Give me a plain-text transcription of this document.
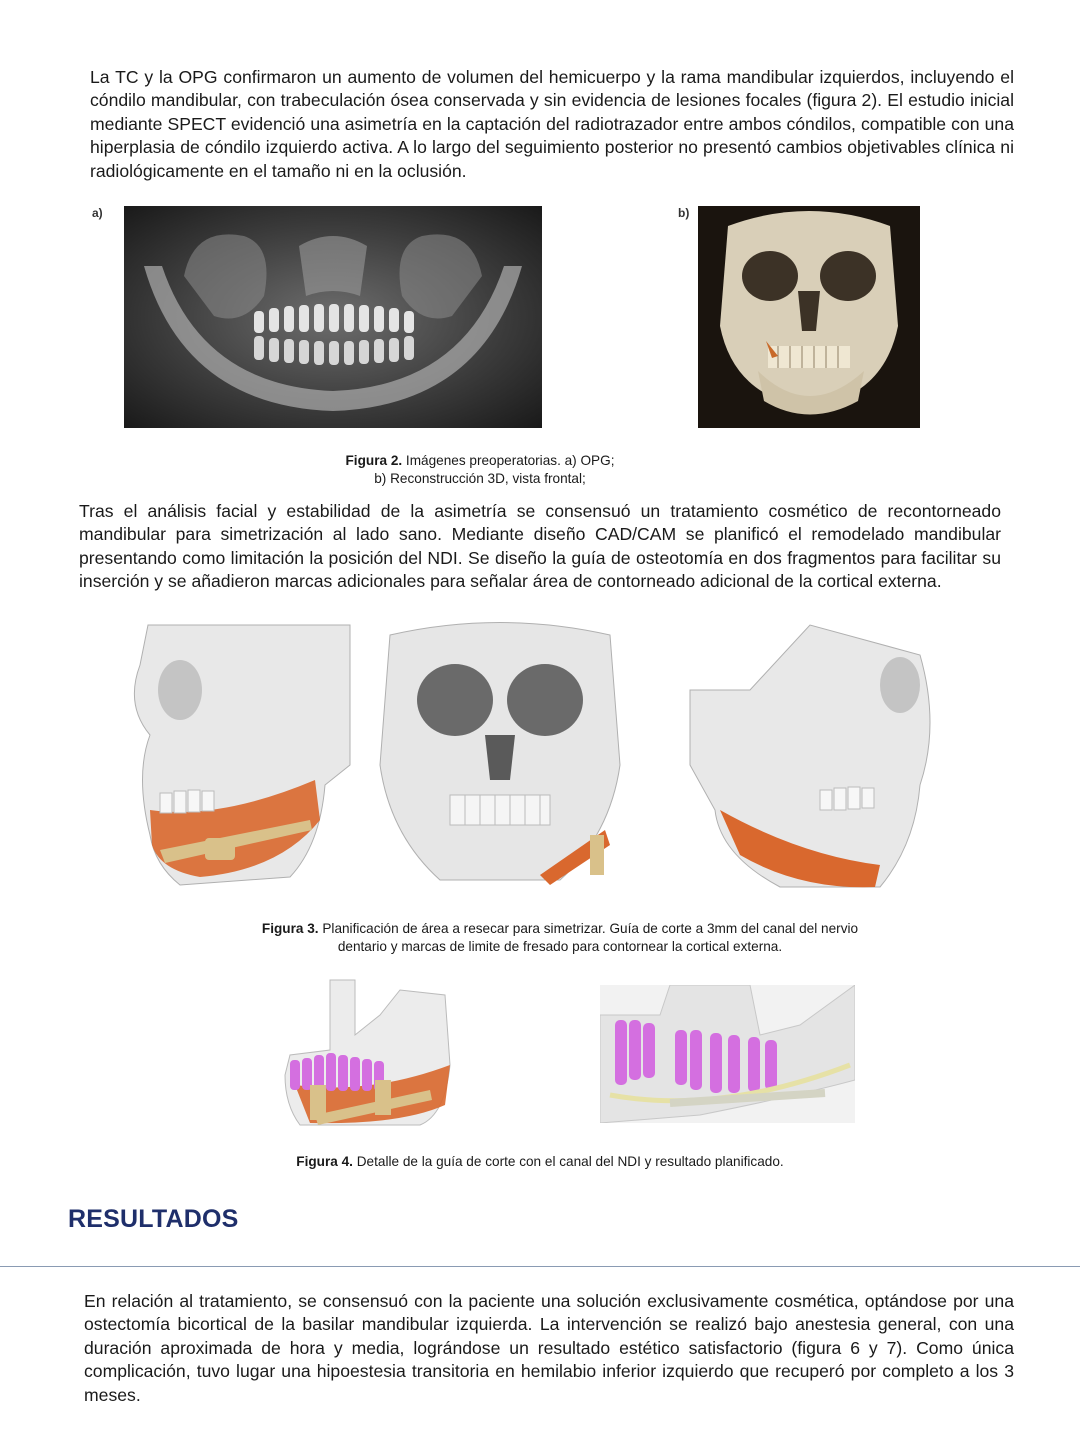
La TC y la OPG confirmaron un aumento de volumen del hemicuerpo y la rama mandibular izquierdos, incluyendo el cóndilo mandibular, con trabeculación ósea conservada y sin evidencia de lesiones focales (figura 2). El estudio inicial mediante SPECT evidenció una asimetría en la captación del radiotrazador entre ambos cóndilos, compatible con una hiperplasia de cóndilo izquierdo activa. A lo largo del seguimiento posterior no presentó cambios objetivables clínica ni radiológicamente en el tamaño ni en la oclusión.

a)	b)

Figura 2. Imágenes preoperatorias. a) OPG;
b) Reconstrucción 3D, vista frontal;

Tras el análisis facial y estabilidad de la asimetría se consensuó un tratamiento cosmético de recontorneado mandibular para simetrización al lado sano. Mediante diseño CAD/CAM se planificó el remodelado mandibular presentando como limitación la posición del NDI. Se diseño la guía de osteotomía en dos fragmentos para facilitar su inserción y se añadieron marcas adicionales para señalar área de contorneado adicional de la cortical externa.

Figura 3. Planificación de área a resecar para simetrizar. Guía de corte a 3mm del canal del nervio
dentario y marcas de limite de fresado para contornear la cortical externa.

Figura 4. Detalle de la guía de corte con el canal del NDI y resultado planificado.

RESULTADOS

En relación al tratamiento, se consensuó con la paciente una solución exclusivamente cosmética, optándose por una ostectomía bicortical de la basilar mandibular izquierda. La intervención se realizó bajo anestesia general, con una duración aproximada de hora y media, lográndose un resultado estético satisfactorio (figura 6 y 7). Como única complicación, tuvo lugar una hipoestesia transitoria en hemilabio inferior izquierdo que recuperó por completo a los 3 meses.
